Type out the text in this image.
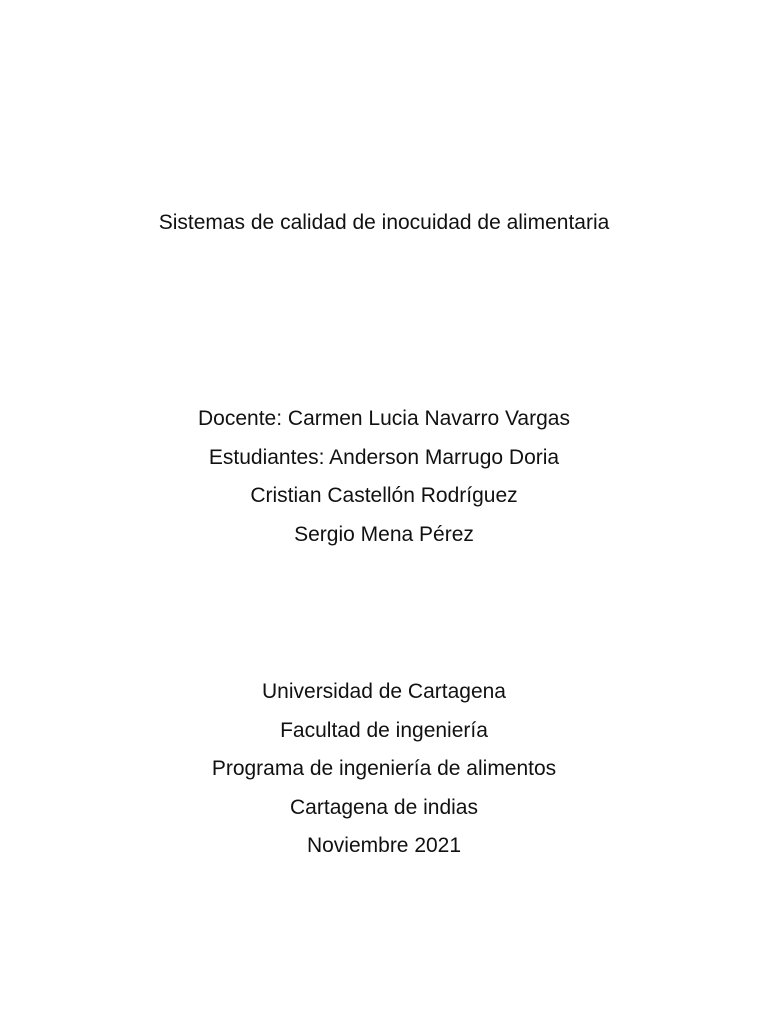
Sistemas de calidad de inocuidad de alimentaria
Docente: Carmen Lucia Navarro Vargas
Estudiantes: Anderson Marrugo Doria
Cristian Castellón Rodríguez
Sergio Mena Pérez
Universidad de Cartagena
Facultad de ingeniería
Programa de ingeniería de alimentos
Cartagena de indias
Noviembre 2021
